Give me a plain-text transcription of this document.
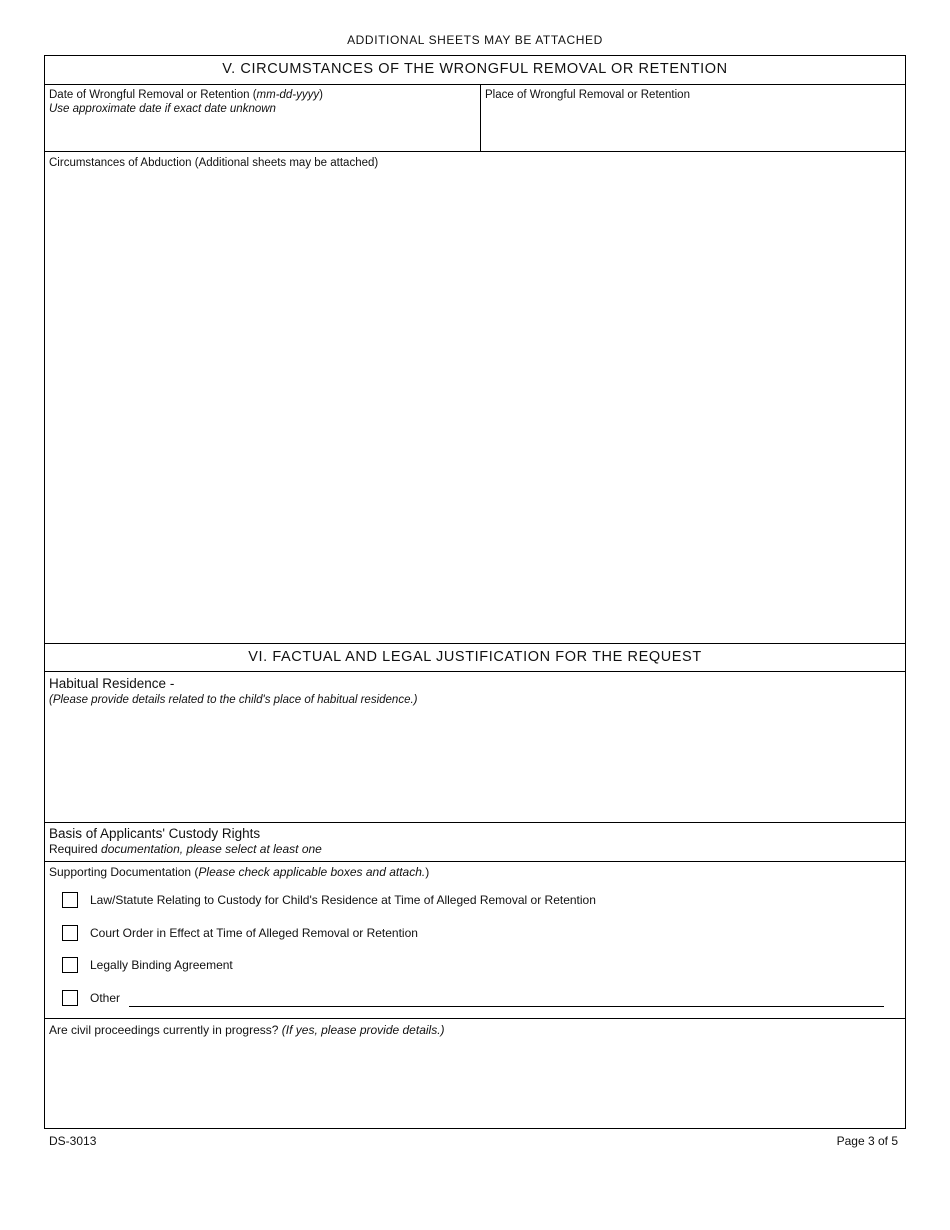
ADDITIONAL SHEETS MAY BE ATTACHED
V. CIRCUMSTANCES OF THE WRONGFUL REMOVAL OR RETENTION
Date of Wrongful Removal or Retention (mm-dd-yyyy)
Use approximate date if exact date unknown
Place of Wrongful Removal or Retention
Circumstances of Abduction (Additional sheets may be attached)
VI. FACTUAL AND LEGAL JUSTIFICATION FOR THE REQUEST
Habitual Residence -
(Please provide details related to the child's place of habitual residence.)
Basis of Applicants' Custody Rights
Required documentation, please select at least one
Supporting Documentation (Please check applicable boxes and attach.)
Law/Statute Relating to Custody for Child's Residence at Time of Alleged Removal or Retention
Court Order in Effect at Time of Alleged Removal or Retention
Legally Binding Agreement
Other
Are civil proceedings currently in progress? (If yes, please provide details.)
DS-3013	Page 3 of 5
